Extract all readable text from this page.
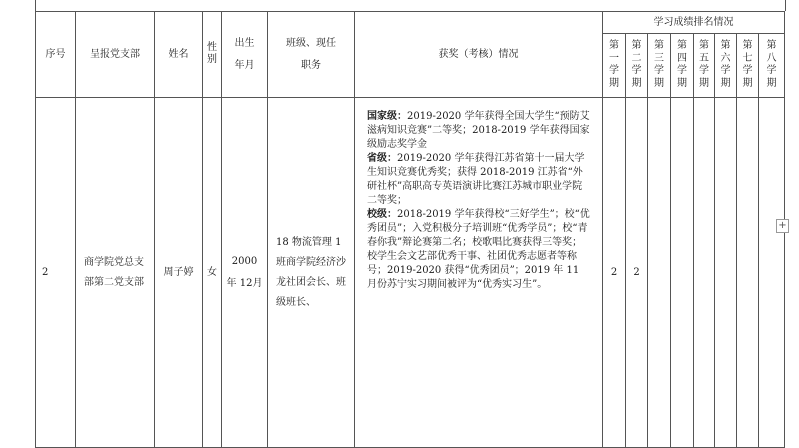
序号	呈报党支部	姓名	性别	出生年月	班级、现任职务	获奖（考核）情况	学习成绩排名情况							
							第一学期	第二学期	第三学期	第四学期	第五学期	第六学期	第七学期	第八学期
2	商学院党总支部第二党支部	周子婷	女	2000 年 12月	18 物流管理 1 班商学院经济沙龙社团会长、班级班长、	国家级：2019-2020 学年获得全国大学生“预防艾滋病知识竞赛”二等奖；2018-2019 学年获得国家级励志奖学金
省级：2019-2020 学年获得江苏省第十一届大学生知识竞赛优秀奖；获得 2018-2019 江苏省“外研社杯”高职高专英语演讲比赛江苏城市职业学院二等奖；
校级：2018-2019 学年获得校“三好学生”；校“优秀团员”；入党积极分子培训班“优秀学员”；校“青春你我”辩论赛第二名；校歌唱比赛获得三等奖；校学生会文艺部优秀干事、社团优秀志愿者等称号；2019-2020 获得“优秀团员”；2019 年 11 月份苏宁实习期间被评为“优秀实习生”。	2	2						
+
